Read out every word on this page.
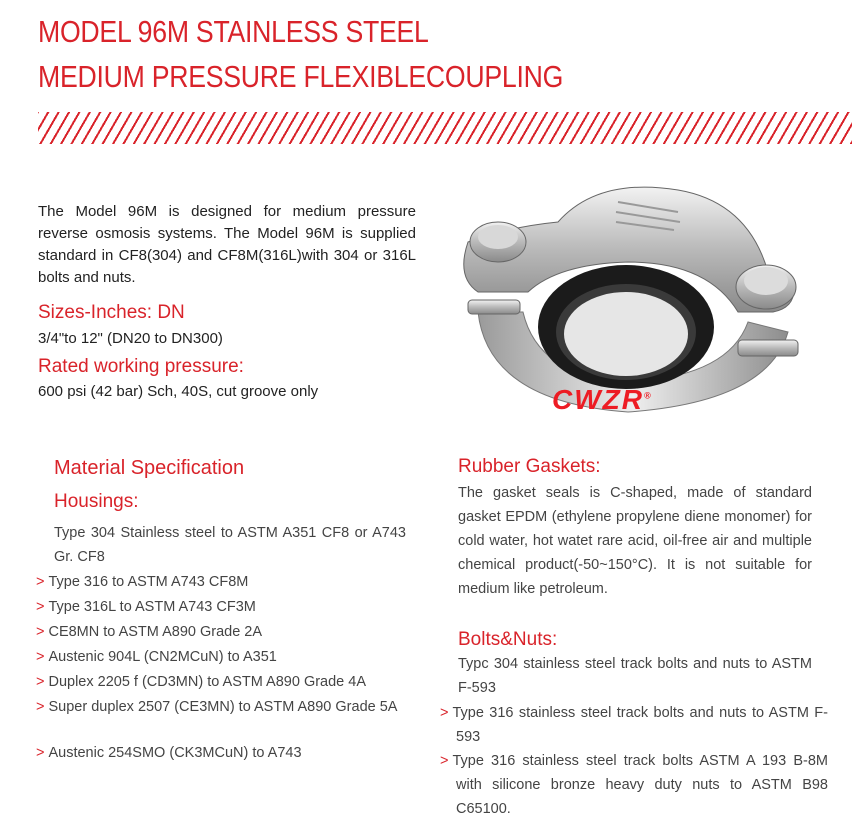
MODEL 96M STAINLESS STEEL
MEDIUM PRESSURE FLEXIBLECOUPLING
The Model 96M is designed for medium pressure reverse osmosis systems. The Model 96M is supplied standard in CF8(304) and CF8M(316L)with 304 or 316L bolts and nuts.
Sizes-Inches: DN
3/4"to 12" (DN20 to DN300)
Rated working pressure:
600 psi (42 bar) Sch, 40S, cut groove only	CWZR®
Material Specification
Housings:
Type 304 Stainless steel to ASTM A351 CF8 or A743 Gr. CF8
> Type 316 to ASTM A743 CF8M
> Type 316L to ASTM A743 CF3M
> CE8MN to ASTM A890 Grade 2A
> Austenic 904L (CN2MCuN) to A351
> Duplex 2205 f (CD3MN) to ASTM A890 Grade 4A
> Super duplex 2507 (CE3MN) to ASTM A890 Grade 5A
> Austenic 254SMO (CK3MCuN) to A743
Rubber Gaskets:
The gasket seals is C-shaped, made of standard gasket EPDM (ethylene propylene diene monomer) for cold water, hot watet rare acid, oil-free air and multiple chemical product(-50~150°C). It is not suitable for medium like petroleum.
Bolts&Nuts:
Typc 304 stainless steel track bolts and nuts to ASTM F-593
> Type 316 stainless steel track bolts and nuts to ASTM F-593
> Type 316 stainless steel track bolts ASTM A 193 B-8M with silicone bronze heavy duty nuts to ASTM B98 C65100.
